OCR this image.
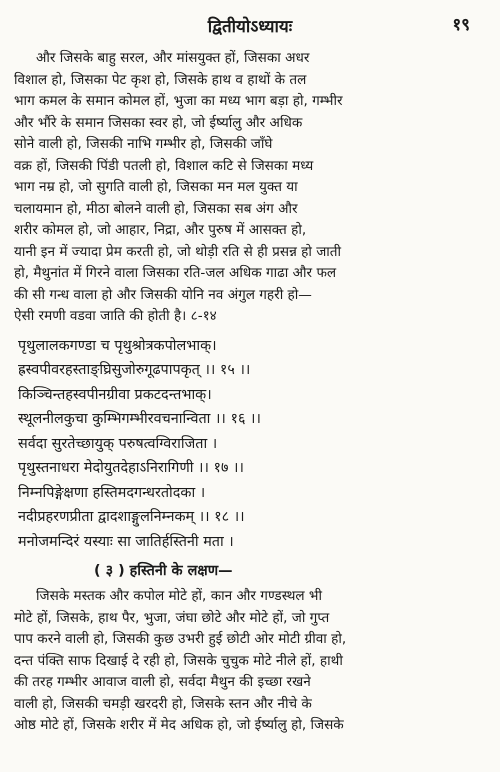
द्वितीयोऽध्यायः	१९
और जिसके बाहु सरल, और मांसयुक्त हों, जिसका अधर
विशाल हो, जिसका पेट कृश हो, जिसके हाथ व हाथों के तल
भाग कमल के समान कोमल हों, भुजा का मध्य भाग बड़ा हो, गम्भीर
और भौंरे के समान जिसका स्वर हो, जो ईर्ष्यालु और अधिक
सोने वाली हो, जिसकी नाभि गम्भीर हो, जिसकी जाँघे
वक्र हों, जिसकी पिंडी पतली हो, विशाल कटि से जिसका मध्य
भाग नम्र हो, जो सुगति वाली हो, जिसका मन मल युक्त या
चलायमान हो, मीठा बोलने वाली हो, जिसका सब अंग और
शरीर कोमल हो, जो आहार, निद्रा, और पुरुष में आसक्त हो,
यानी इन में ज्यादा प्रेम करती हो, जो थोड़ी रति से ही प्रसन्न हो जाती
हो, मैथुनांत में गिरने वाला जिसका रति-जल अधिक गाढा और फल
की सी गन्ध वाला हो और जिसकी योनि नव अंगुल गहरी हो—
ऐसी रमणी वडवा जाति की होती है। ८-१४
पृथुलालकगण्डा च पृथुश्रोत्रकपोलभाक्।
ह्रस्वपीवरहस्ताङ्घ्रिसुजोरुगूढपापकृत् ।। १५ ।।
किञ्चिन्तहस्वपीनग्रीवा प्रकटदन्तभाक्।
स्थूलनीलकुचा कुम्भिगम्भीरवचनान्विता ।। १६ ।।
सर्वदा सुरतेच्छायुक् परुषत्वग्विराजिता ।
पृथुस्तनाधरा मेदोयुतदेहाऽनिरागिणी ।। १७ ।।
निम्नपिङ्गेक्षणा हस्तिमदगन्धरतोदका ।
नदीप्रहरणप्रीता द्वादशाङ्गुलनिम्नकम् ।। १८ ।।
मनोजमन्दिरं यस्याः सा जातिर्हस्तिनी मता ।
( ३ ) हस्तिनी के लक्षण—
जिसके मस्तक और कपोल मोटे हों, कान और गण्डस्थल भी
मोटे हों, जिसके, हाथ पैर, भुजा, जंघा छोटे और मोटे हों, जो गुप्त
पाप करने वाली हो, जिसकी कुछ उभरी हुई छोटी ओर मोटी ग्रीवा हो,
दन्त पंक्ति साफ दिखाई दे रही हो, जिसके चुचुक मोटे नीले हों, हाथी
की तरह गम्भीर आवाज वाली हो, सर्वदा मैथुन की इच्छा रखने
वाली हो, जिसकी चमड़ी खरदरी हो, जिसके स्तन और नीचे के
ओष्ठ मोटे हों, जिसके शरीर में मेद अधिक हो, जो ईर्ष्यालु हो, जिसके
